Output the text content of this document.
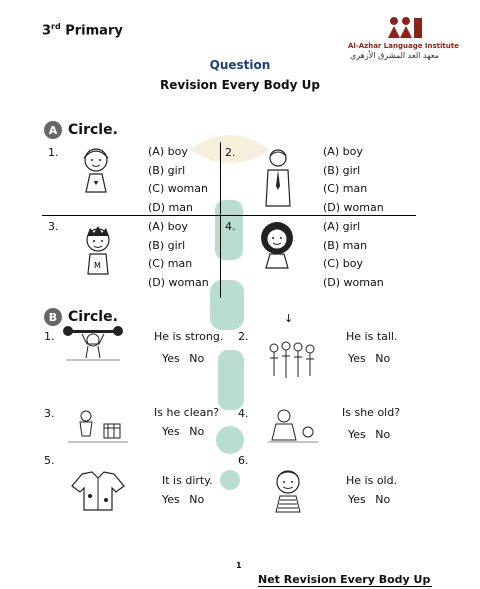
3rd Primary
Al-Azhar Language Institute
معهد العد المشرق الأزهري
Question
Revision Every Body Up
A Circle.
1.	(A) boy
(B) girl
(C) woman
(D) man
2.	(A) boy
(B) girl
(C) man
(D) woman
3.
M
(A) boy
(B) girl
(C) man
(D) woman
4.	(A) girl
(B) man
(C) boy
(D) woman
B Circle.	↓
1.	He is strong.
Yes No
2.	He is tall.
Yes No
3.	Is he clean?
Yes No
4.	Is she old?
Yes No
5.
It is dirty.
Yes No
6.
He is old.
Yes No
1
Net Revision Every Body Up
